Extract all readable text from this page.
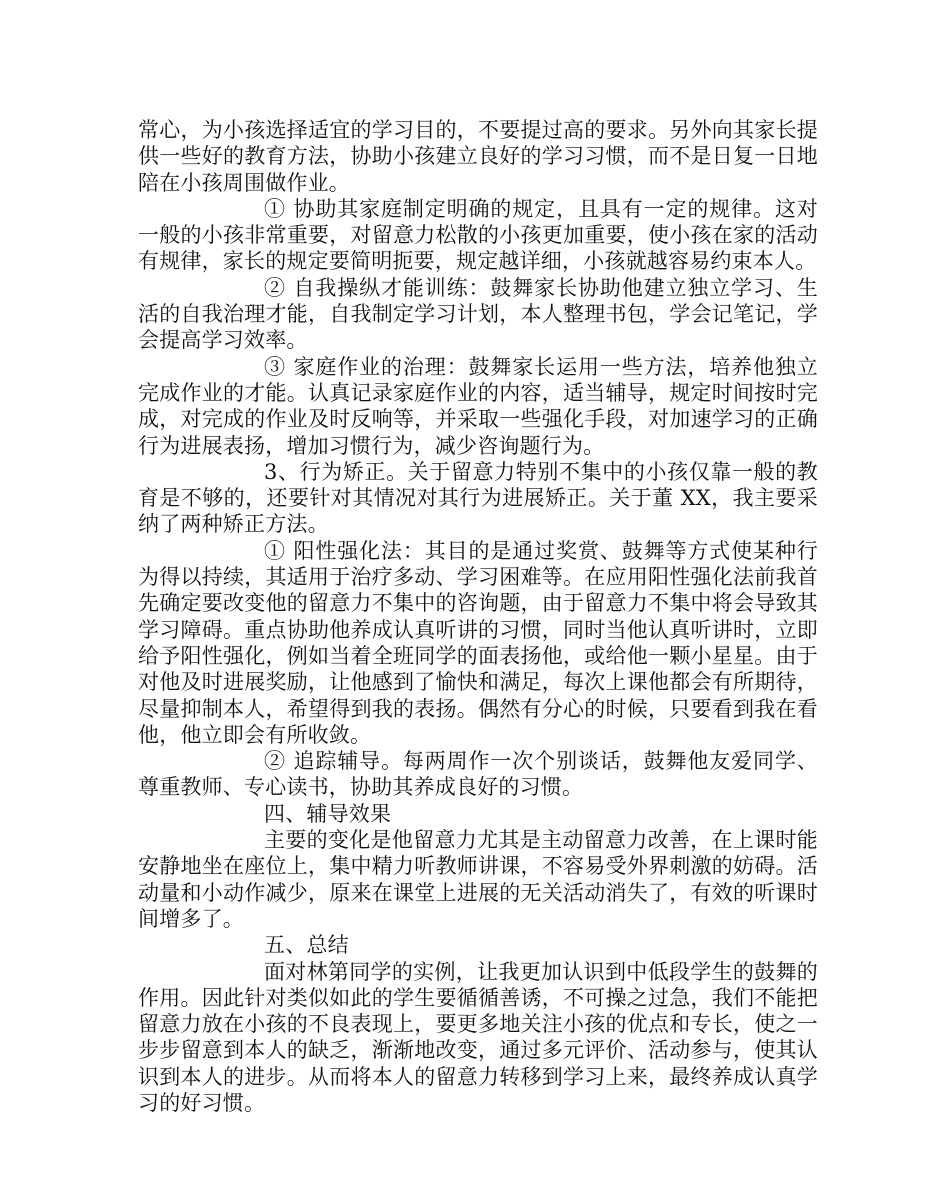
常心，为小孩选择适宜的学习目的，不要提过高的要求。另外向其家长提供一些好的教育方法，协助小孩建立良好的学习习惯，而不是日复一日地陪在小孩周围做作业。

① 协助其家庭制定明确的规定，且具有一定的规律。这对一般的小孩非常重要，对留意力松散的小孩更加重要，使小孩在家的活动有规律，家长的规定要简明扼要，规定越详细，小孩就越容易约束本人。

② 自我操纵才能训练：鼓舞家长协助他建立独立学习、生活的自我治理才能，自我制定学习计划，本人整理书包，学会记笔记，学会提高学习效率。

③ 家庭作业的治理：鼓舞家长运用一些方法，培养他独立完成作业的才能。认真记录家庭作业的内容，适当辅导，规定时间按时完成，对完成的作业及时反响等，并采取一些强化手段，对加速学习的正确行为进展表扬，增加习惯行为，减少咨询题行为。

3、行为矫正。关于留意力特别不集中的小孩仅靠一般的教育是不够的，还要针对其情况对其行为进展矫正。关于董 XX，我主要采纳了两种矫正方法。

① 阳性强化法：其目的是通过奖赏、鼓舞等方式使某种行为得以持续，其适用于治疗多动、学习困难等。在应用阳性强化法前我首先确定要改变他的留意力不集中的咨询题，由于留意力不集中将会导致其学习障碍。重点协助他养成认真听讲的习惯，同时当他认真听讲时，立即给予阳性强化，例如当着全班同学的面表扬他，或给他一颗小星星。由于对他及时进展奖励，让他感到了愉快和满足，每次上课他都会有所期待，尽量抑制本人，希望得到我的表扬。偶然有分心的时候，只要看到我在看他，他立即会有所收敛。

② 追踪辅导。每两周作一次个别谈话，鼓舞他友爱同学、尊重教师、专心读书，协助其养成良好的习惯。

四、辅导效果

主要的变化是他留意力尤其是主动留意力改善，在上课时能安静地坐在座位上，集中精力听教师讲课，不容易受外界刺激的妨碍。活动量和小动作减少，原来在课堂上进展的无关活动消失了，有效的听课时间增多了。

五、总结

面对林第同学的实例，让我更加认识到中低段学生的鼓舞的作用。因此针对类似如此的学生要循循善诱，不可操之过急，我们不能把留意力放在小孩的不良表现上，要更多地关注小孩的优点和专长，使之一步步留意到本人的缺乏，渐渐地改变，通过多元评价、活动参与，使其认识到本人的进步。从而将本人的留意力转移到学习上来，最终养成认真学习的好习惯。
